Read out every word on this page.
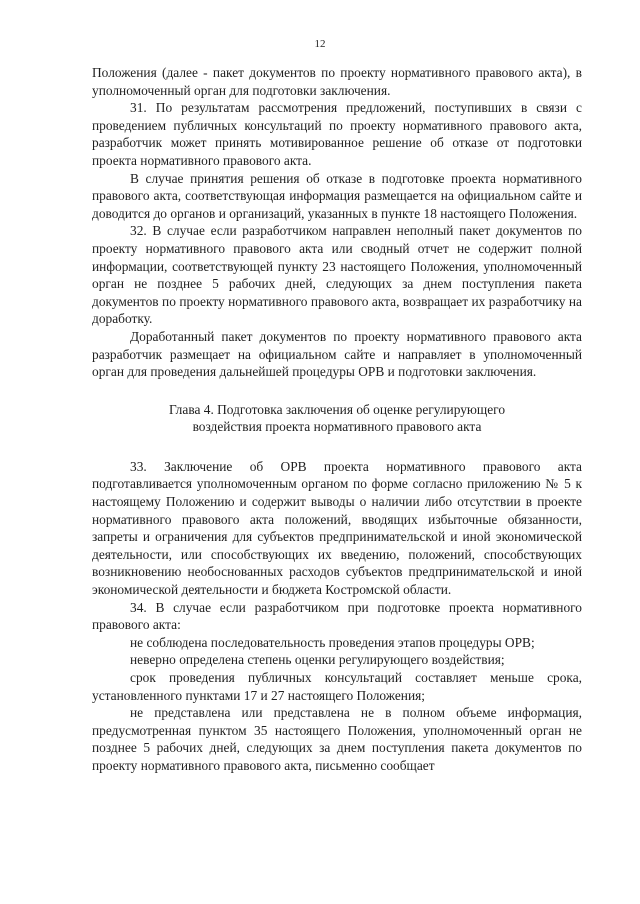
12

Положения (далее - пакет документов по проекту нормативного правового акта), в уполномоченный орган для подготовки заключения.

31. По результатам рассмотрения предложений, поступивших в связи с проведением публичных консультаций по проекту нормативного правового акта, разработчик может принять мотивированное решение об отказе от подготовки проекта нормативного правового акта.

В случае принятия решения об отказе в подготовке проекта нормативного правового акта, соответствующая информация размещается на официальном сайте и доводится до органов и организаций, указанных в пункте 18 настоящего Положения.

32. В случае если разработчиком направлен неполный пакет документов по проекту нормативного правового акта или сводный отчет не содержит полной информации, соответствующей пункту 23 настоящего Положения, уполномоченный орган не позднее 5 рабочих дней, следующих за днем поступления пакета документов по проекту нормативного правового акта, возвращает их разработчику на доработку.

Доработанный пакет документов по проекту нормативного правового акта разработчик размещает на официальном сайте и направляет в уполномоченный орган для проведения дальнейшей процедуры ОРВ и подготовки заключения.

Глава 4. Подготовка заключения об оценке регулирующего
воздействия проекта нормативного правового акта

33. Заключение об ОРВ проекта нормативного правового акта подготавливается уполномоченным органом по форме согласно приложению № 5 к настоящему Положению и содержит выводы о наличии либо отсутствии в проекте нормативного правового акта положений, вводящих избыточные обязанности, запреты и ограничения для субъектов предпринимательской и иной экономической деятельности, или способствующих их введению, положений, способствующих возникновению необоснованных расходов субъектов предпринимательской и иной экономической деятельности и бюджета Костромской области.

34. В случае если разработчиком при подготовке проекта нормативного правового акта:

не соблюдена последовательность проведения этапов процедуры ОРВ;

неверно определена степень оценки регулирующего воздействия;

срок проведения публичных консультаций составляет меньше срока, установленного пунктами 17 и 27 настоящего Положения;

не представлена или представлена не в полном объеме информация, предусмотренная пунктом 35 настоящего Положения, уполномоченный орган не позднее 5 рабочих дней, следующих за днем поступления пакета документов по проекту нормативного правового акта, письменно сообщает
